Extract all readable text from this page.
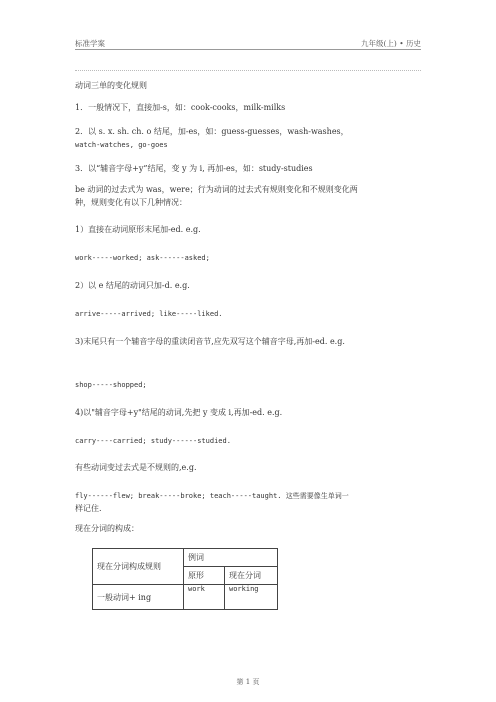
标准学案	九年级(上) • 历史
动词三单的变化规则
1．一般情况下，直接加-s，如：cook-cooks，milk-milks
2．以 s. x. sh. ch. o 结尾，加-es，如：guess-guesses，wash-washes，
watch-watches, go-goes
3．以“辅音字母+y”结尾，变 y 为 i, 再加-es，如：study-studies
be 动词的过去式为 was，were；行为动词的过去式有规则变化和不规则变化两
种，规则变化有以下几种情况：
1）直接在动词原形末尾加-ed. e.g.
work-----worked; ask------asked;
2）以 e 结尾的动词只加-d. e.g.
arrive-----arrived; like-----liked.
3)末尾只有一个辅音字母的重读闭音节,应先双写这个辅音字母,再加-ed. e.g.
shop-----shopped;
4)以"辅音字母+y"结尾的动词,先把 y 变成 i,再加-ed. e.g.
carry----carried; study------studied.
有些动词变过去式是不规则的,e.g.
fly------flew; break-----broke; teach-----taught. 这些需要像生单词一
样记住.
现在分词的构成：
现在分词构成规则	例词	
	原形	现在分词
一般动词+ ing	work	working
第 1 页
